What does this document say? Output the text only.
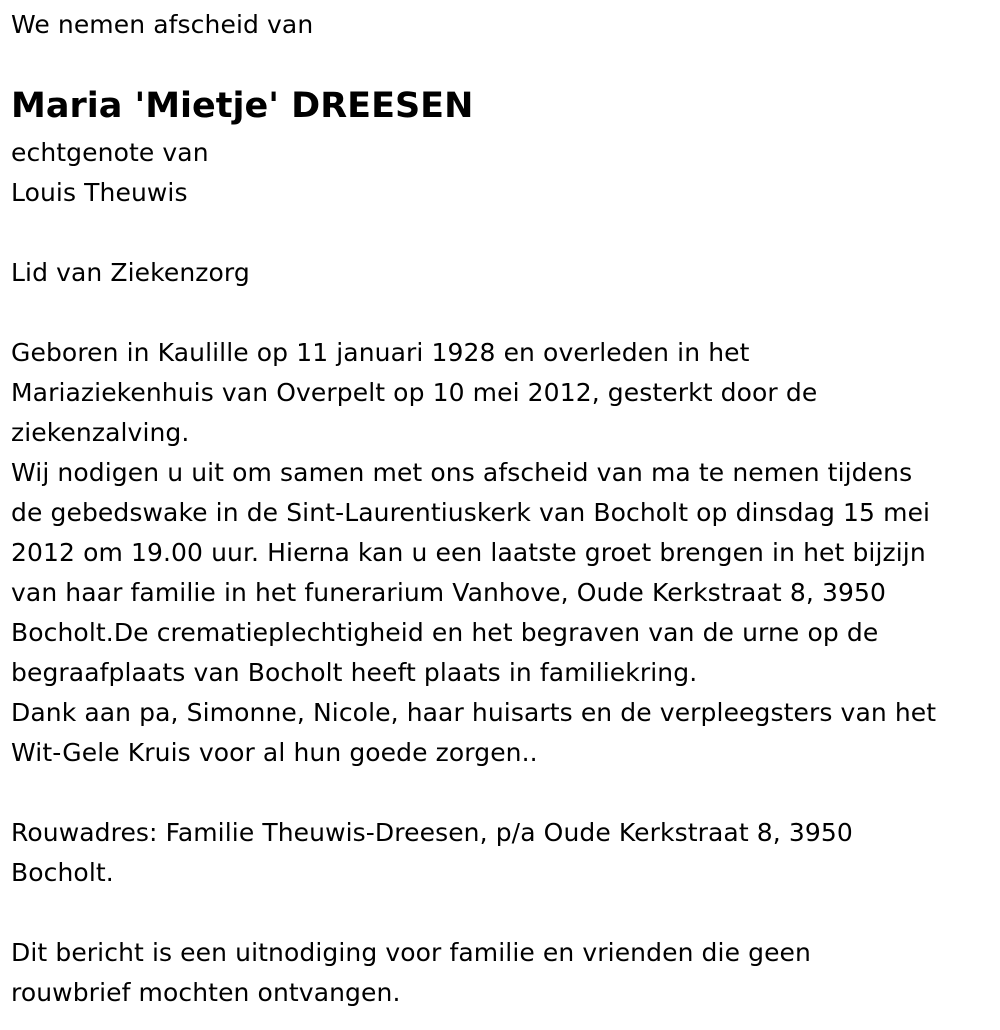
We nemen afscheid van

Maria 'Mietje' DREESEN

echtgenote van

Louis Theuwis

Lid van Ziekenzorg

Geboren in Kaulille op 11 januari 1928 en overleden in het

Mariaziekenhuis van Overpelt op 10 mei 2012, gesterkt door de

ziekenzalving.

Wij nodigen u uit om samen met ons afscheid van ma te nemen tijdens

de gebedswake in de Sint-Laurentiuskerk van Bocholt op dinsdag 15 mei

2012 om 19.00 uur. Hierna kan u een laatste groet brengen in het bijzijn

van haar familie in het funerarium Vanhove, Oude Kerkstraat 8, 3950

Bocholt.De crematieplechtigheid en het begraven van de urne op de

begraafplaats van Bocholt heeft plaats in familiekring.

Dank aan pa, Simonne, Nicole, haar huisarts en de verpleegsters van het

Wit-Gele Kruis voor al hun goede zorgen..

Rouwadres: Familie Theuwis-Dreesen, p/a Oude Kerkstraat 8, 3950

Bocholt.

Dit bericht is een uitnodiging voor familie en vrienden die geen

rouwbrief mochten ontvangen.
